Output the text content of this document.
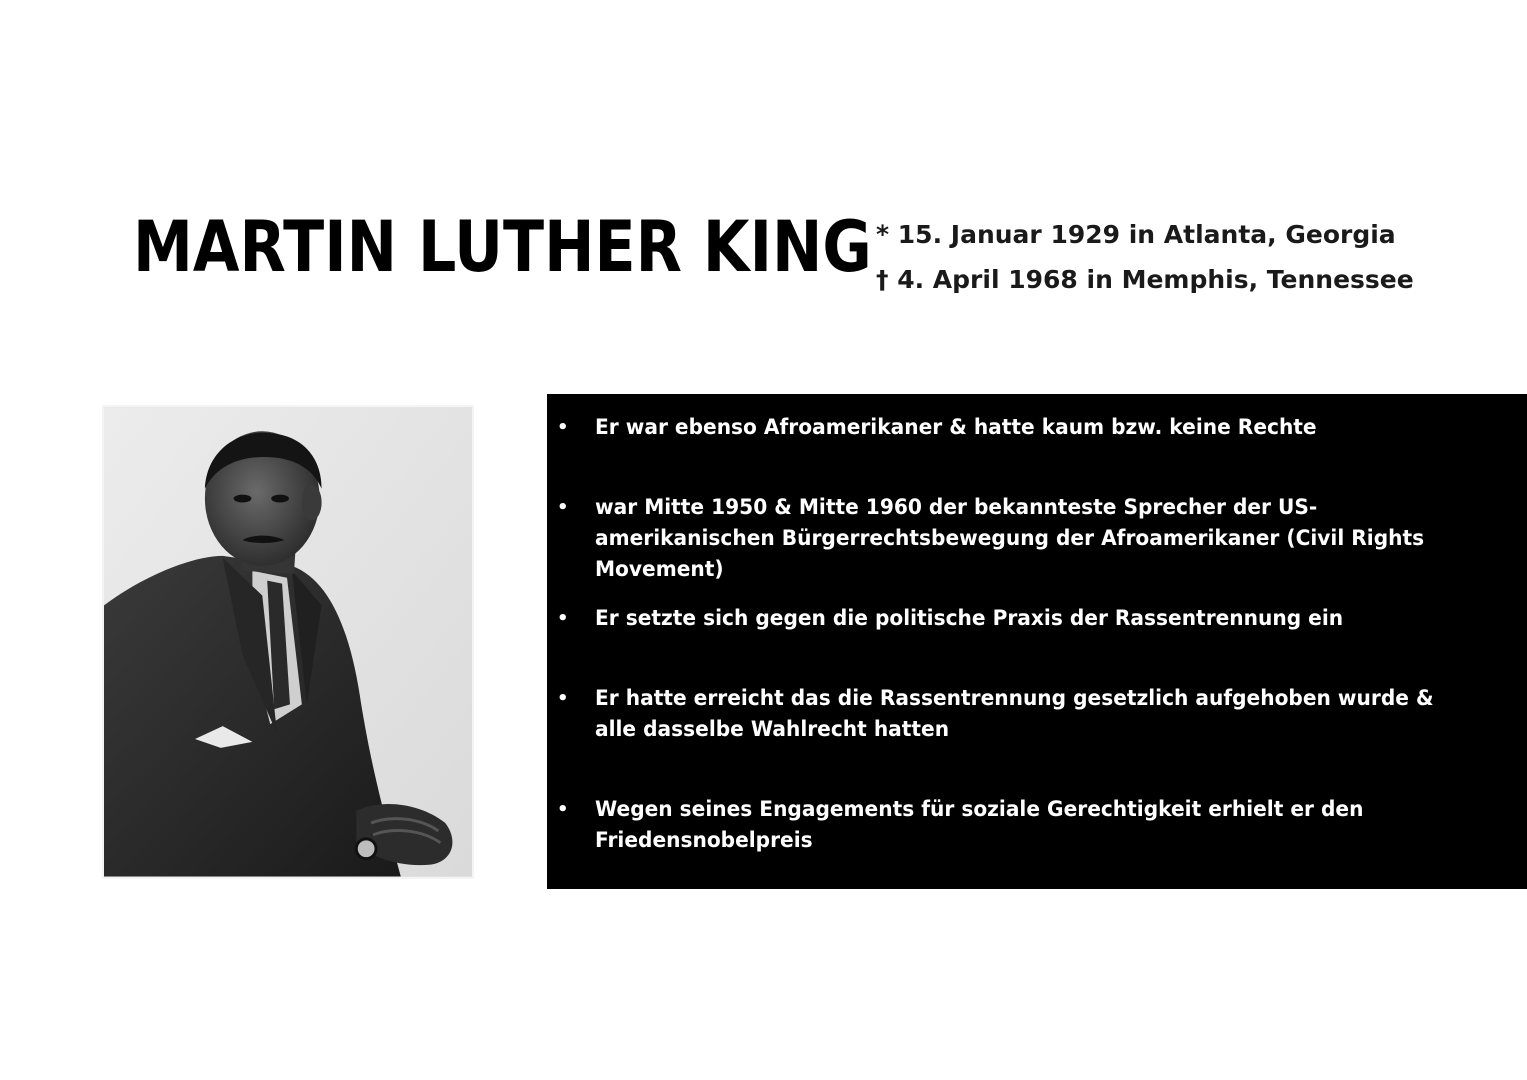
MARTIN LUTHER KING * 15. Januar 1929 in Atlanta, Georgia
† 4. April 1968 in Memphis, Tennessee
• Er war ebenso Afroamerikaner & hatte kaum bzw. keine Rechte
• war Mitte 1950 & Mitte 1960 der bekannteste Sprecher der US- amerikanischen Bürgerrechtsbewegung der Afroamerikaner (Civil Rights Movement)
• Er setzte sich gegen die politische Praxis der Rassentrennung ein
• Er hatte erreicht das die Rassentrennung gesetzlich aufgehoben wurde & alle dasselbe Wahlrecht hatten
• Wegen seines Engagements für soziale Gerechtigkeit erhielt er den Friedensnobelpreis
